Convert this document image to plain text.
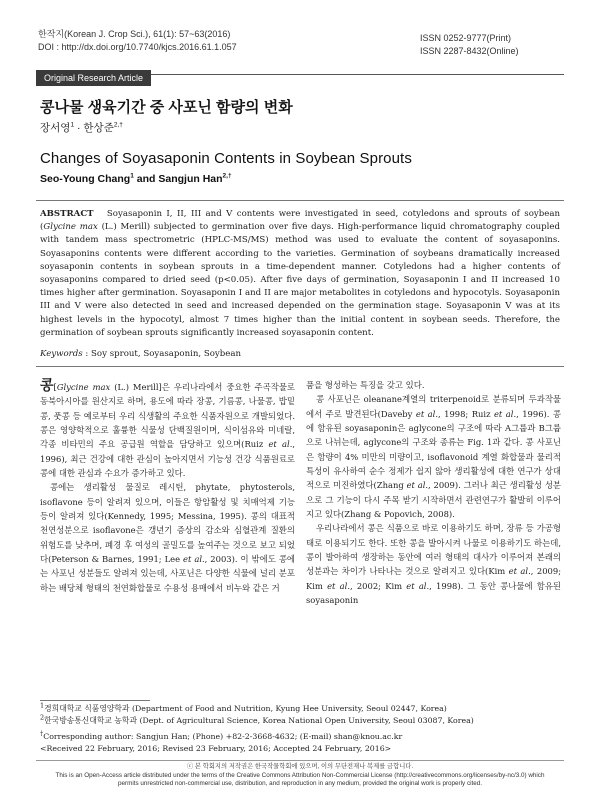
한작지(Korean J. Crop Sci.), 61(1): 57~63(2016)
DOI : http://dx.doi.org/10.7740/kjcs.2016.61.1.057
ISSN 0252-9777(Print)
ISSN 2287-8432(Online)
Original Research Article
콩나물 생육기간 중 사포닌 함량의 변화
장서영$^1$ · 한상준$^{2,\dagger}$
Changes of Soyasaponin Contents in Soybean Sprouts
Seo-Young Chang$^1$ and Sangjun Han$^{2,\dagger}$
ABSTRACT Soyasaponin I, II, III and V contents were investigated in seed, cotyledons and sprouts of soybean (Glycine max (L.) Merill) subjected to germination over five days. High-performance liquid chromatography coupled with tandem mass spectrometric (HPLC-MS/MS) method was used to evaluate the content of soyasaponins. Soyasaponins contents were different according to the varieties. Germination of soybeans dramatically increased soyasaponin contents in soybean sprouts in a time-dependent manner. Cotyledons had a higher contents of soyasaponins compared to dried seed (p<0.05). After five days of germination, Soyasaponin I and II increased 10 times higher after germination. Soyasaponin I and II are major metabolites in cotyledons and hypocotyls. Soyasaponin III and V were also detected in seed and increased depended on the germination stage. Soyasaponin V was at its highest levels in the hypocotyl, almost 7 times higher than the initial content in soybean seeds. Therefore, the germination of soybean sprouts significantly increased soyasaponin content.
Keywords : Soy sprout, Soyasaponin, Soybean

콩[Glycine max (L.) Merill]은 우리나라에서 중요한 주곡작물로 동북아시아를 원산지로 하며, 용도에 따라 장콩, 기름콩, 나물콩, 밥밑콩, 풋콩 등 예로부터 우리 식생활의 주요한 식품자원으로 개발되었다. 콩은 영양학적으로 훌륭한 식물성 단백질원이며, 식이섬유와 미네랄, 각종 비타민의 주요 공급원 역할을 담당하고 있으며(Ruiz et al., 1996), 최근 건강에 대한 관심이 높아지면서 기능성 건강 식품원료로 콩에 대한 관심과 수요가 증가하고 있다.

콩에는 생리활성 물질로 레시틴, phytate, phytosterols, isoflavone 등이 알려져 있으며, 이들은 항암활성 및 치매억제 기능 등이 알려져 있다(Kennedy, 1995; Messina, 1995). 콩의 대표적 천연성분으로 isoflavone은 갱년기 증상의 감소와 심혈관계 질환의 위험도를 낮추며, 폐경 후 여성의 골밀도를 높여주는 것으로 보고 되었다(Peterson & Barnes, 1991; Lee et al., 2003). 이 밖에도 콩에는 사포닌 성분들도 알려져 있는데, 사포닌은 다양한 식물에 널리 분포하는 배당체 형태의 천연화합물로 수용성 용매에서 비누와 같은 거

품을 형성하는 특징을 갖고 있다.

콩 사포닌은 oleanane계열의 triterpenoid로 분류되며 두과작물에서 주로 발견된다(Daveby et al., 1998; Ruiz et al., 1996). 콩에 함유된 soyasaponin은 aglycone의 구조에 따라 A그룹과 B그룹으로 나뉘는데, aglycone의 구조와 종류는 Fig. 1과 같다. 콩 사포닌은 함량이 4% 미만의 미량이고, isoflavonoid 계열 화합물과 물리적 특성이 유사하여 순수 정제가 쉽지 않아 생리활성에 대한 연구가 상대적으로 미진하였다(Zhang et al., 2009). 그러나 최근 생리활성 성분으로 그 기능이 다시 주목 받기 시작하면서 관련연구가 활발히 이루어지고 있다(Zhang & Popovich, 2008).

우리나라에서 콩은 식품으로 바로 이용하기도 하며, 장류 등 가공형태로 이용되기도 한다. 또한 콩을 발아시켜 나물로 이용하기도 하는데, 콩이 발아하여 생장하는 동안에 여러 형태의 대사가 이루어져 본래의 성분과는 차이가 나타나는 것으로 알려지고 있다(Kim et al., 2009; Kim et al., 2002; Kim et al., 1998). 그 동안 콩나물에 함유된 soyasaponin

$^1$경희대학교 식품영양학과 (Department of Food and Nutrition, Kyung Hee University, Seoul 02447, Korea)

$^2$한국방송통신대학교 농학과 (Dept. of Agricultural Science, Korea National Open University, Seoul 03087, Korea)

†Corresponding author: Sangjun Han; (Phone) +82-2-3668-4632; (E-mail) shan@knou.ac.kr

<Received 22 February, 2016; Revised 23 February, 2016; Accepted 24 February, 2016>

ⓒ 본 학회지의 저작권은 한국작물학회에 있으며, 이의 무단전재나 복제를 금합니다.
This is an Open-Access article distributed under the terms of the Creative Commons Attribution Non-Commercial License (http://creativecommons.org/licenses/by-nc/3.0) which
permits unrestricted non-commercial use, distribution, and reproduction in any medium, provided the original work is properly cited.
